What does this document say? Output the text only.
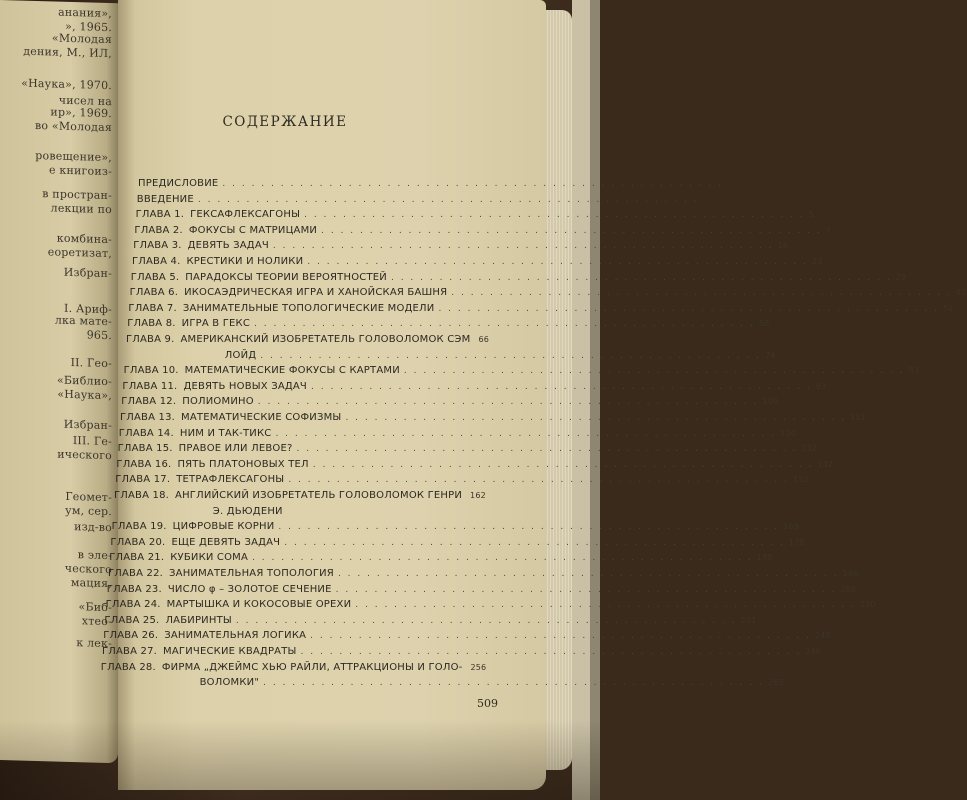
анания»,
», 1965.
«Молодая
дения, М., ИЛ,
«Наука», 1970.
чисел на
ир», 1969.
во «Молодая
ровещение»,
е книгоиз-
в простран-
лекции по
комбина-
еоретизат,
Избран-
I. Ариф-
лка мате-
965.
II. Гео-
«Библио-
«Наука»,
Избран-
III. Ге-
ического
Геомет-
ум, сер.
изд-во
в эле-
ческого
мация,
«Биб-
хтео-
к лек-
СОДЕРЖАНИЕ
ПРЕДИСЛОВИЕ . . . . . . . . . . . . . . . . . . . . . . . . . . . . . . . . . . . . . . . . . . . . . . . . . . . .
ВВЕДЕНИЕ . . . . . . . . . . . . . . . . . . . . . . . . . . . . . . . . . . . . . . . . . . . . . . . . . . . .
ГЛАВА 1. ГЕКСАФЛЕКСАГОНЫ . . . . . . . . . . . . . . . . . . . . . . . . . . . . . . . . . . . . . . . . . . . . . . . . . . . . 5
ГЛАВА 2. ФОКУСЫ С МАТРИЦАМИ . . . . . . . . . . . . . . . . . . . . . . . . . . . . . . . . . . . . . . . . . . . . . . . . . . . . 7
ГЛАВА 3. ДЕВЯТЬ ЗАДАЧ . . . . . . . . . . . . . . . . . . . . . . . . . . . . . . . . . . . . . . . . . . . . . . . . . . . . 16
ГЛАВА 4. КРЕСТИКИ И НОЛИКИ . . . . . . . . . . . . . . . . . . . . . . . . . . . . . . . . . . . . . . . . . . . . . . . . . . . . 23
ГЛАВА 5. ПАРАДОКСЫ ТЕОРИИ ВЕРОЯТНОСТЕЙ . . . . . . . . . . . . . . . . . . . . . . . . . . . . . . . . . . . . . . . . . . . . . . . . . . . . 29
ГЛАВА 6. ИКОСАЭДРИЧЕСКАЯ ИГРА И ХАНОЙСКАЯ БАШНЯ . . . . . . . . . . . . . . . . . . . . . . . . . . . . . . . . . . . . . . . . . . . . . . . . . . . . 41
ГЛАВА 7. ЗАНИМАТЕЛЬНЫЕ ТОПОЛОГИЧЕСКИЕ МОДЕЛИ . . . . . . . . . . . . . . . . . . . . . . . . . . . . . . . . . . . . . . . . . . . . . . . . . . . . 51
ГЛАВА 8. ИГРА В ГЕКС . . . . . . . . . . . . . . . . . . . . . . . . . . . . . . . . . . . . . . . . . . . . . . . . . . . . 56
ГЛАВА 9. АМЕРИКАНСКИЙ ИЗОБРЕТАТЕЛЬ ГОЛОВОЛОМОК СЭМ 66
ЛОЙД . . . . . . . . . . . . . . . . . . . . . . . . . . . . . . . . . . . . . . . . . . . . . . . . . . . . 74
ГЛАВА 10. МАТЕМАТИЧЕСКИЕ ФОКУСЫ С КАРТАМИ . . . . . . . . . . . . . . . . . . . . . . . . . . . . . . . . . . . . . . . . . . . . . . . . . . . . 83
ГЛАВА 11. ДЕВЯТЬ НОВЫХ ЗАДАЧ . . . . . . . . . . . . . . . . . . . . . . . . . . . . . . . . . . . . . . . . . . . . . . . . . . . . 93
ГЛАВА 12. ПОЛИОМИНО . . . . . . . . . . . . . . . . . . . . . . . . . . . . . . . . . . . . . . . . . . . . . . . . . . . . 100
ГЛАВА 13. МАТЕМАТИЧЕСКИЕ СОФИЗМЫ . . . . . . . . . . . . . . . . . . . . . . . . . . . . . . . . . . . . . . . . . . . . . . . . . . . . 111
ГЛАВА 14. НИМ И ТАК-ТИКС . . . . . . . . . . . . . . . . . . . . . . . . . . . . . . . . . . . . . . . . . . . . . . . . . . . . 120
ГЛАВА 15. ПРАВОЕ ИЛИ ЛЕВОЕ? . . . . . . . . . . . . . . . . . . . . . . . . . . . . . . . . . . . . . . . . . . . . . . . . . . . . 132
ГЛАВА 16. ПЯТЬ ПЛАТОНОВЫХ ТЕЛ . . . . . . . . . . . . . . . . . . . . . . . . . . . . . . . . . . . . . . . . . . . . . . . . . . . . 142
ГЛАВА 17. ТЕТРАФЛЕКСАГОНЫ . . . . . . . . . . . . . . . . . . . . . . . . . . . . . . . . . . . . . . . . . . . . . . . . . . . . 152
ГЛАВА 18. АНГЛИЙСКИЙ ИЗОБРЕТАТЕЛЬ ГОЛОВОЛОМОК ГЕНРИ 162
Э. ДЬЮДЕНИ
ГЛАВА 19. ЦИФРОВЫЕ КОРНИ . . . . . . . . . . . . . . . . . . . . . . . . . . . . . . . . . . . . . . . . . . . . . . . . . . . . 169
ГЛАВА 20. ЕЩЕ ДЕВЯТЬ ЗАДАЧ . . . . . . . . . . . . . . . . . . . . . . . . . . . . . . . . . . . . . . . . . . . . . . . . . . . . 178
ГЛАВА 21. КУБИКИ СОМА . . . . . . . . . . . . . . . . . . . . . . . . . . . . . . . . . . . . . . . . . . . . . . . . . . . . 185
ГЛАВА 22. ЗАНИМАТЕЛЬНАЯ ТОПОЛОГИЯ . . . . . . . . . . . . . . . . . . . . . . . . . . . . . . . . . . . . . . . . . . . . . . . . . . . . 196
ГЛАВА 23. ЧИСЛО φ – ЗОЛОТОЕ СЕЧЕНИЕ . . . . . . . . . . . . . . . . . . . . . . . . . . . . . . . . . . . . . . . . . . . . . . . . . . . . 208
ГЛАВА 24. МАРТЫШКА И КОКОСОВЫЕ ОРЕХИ . . . . . . . . . . . . . . . . . . . . . . . . . . . . . . . . . . . . . . . . . . . . . . . . . . . . 220
ГЛАВА 25. ЛАБИРИНТЫ . . . . . . . . . . . . . . . . . . . . . . . . . . . . . . . . . . . . . . . . . . . . . . . . . . . . 231
ГЛАВА 26. ЗАНИМАТЕЛЬНАЯ ЛОГИКА . . . . . . . . . . . . . . . . . . . . . . . . . . . . . . . . . . . . . . . . . . . . . . . . . . . . 240
ГЛАВА 27. МАГИЧЕСКИЕ КВАДРАТЫ . . . . . . . . . . . . . . . . . . . . . . . . . . . . . . . . . . . . . . . . . . . . . . . . . . . . 246
ГЛАВА 28. ФИРМА „ДЖЕЙМС ХЬЮ РАЙЛИ, АТТРАКЦИОНЫ И ГОЛО- 256
ВОЛОМКИ" . . . . . . . . . . . . . . . . . . . . . . . . . . . . . . . . . . . . . . . . . . . . . . . . . . . . 265
509
